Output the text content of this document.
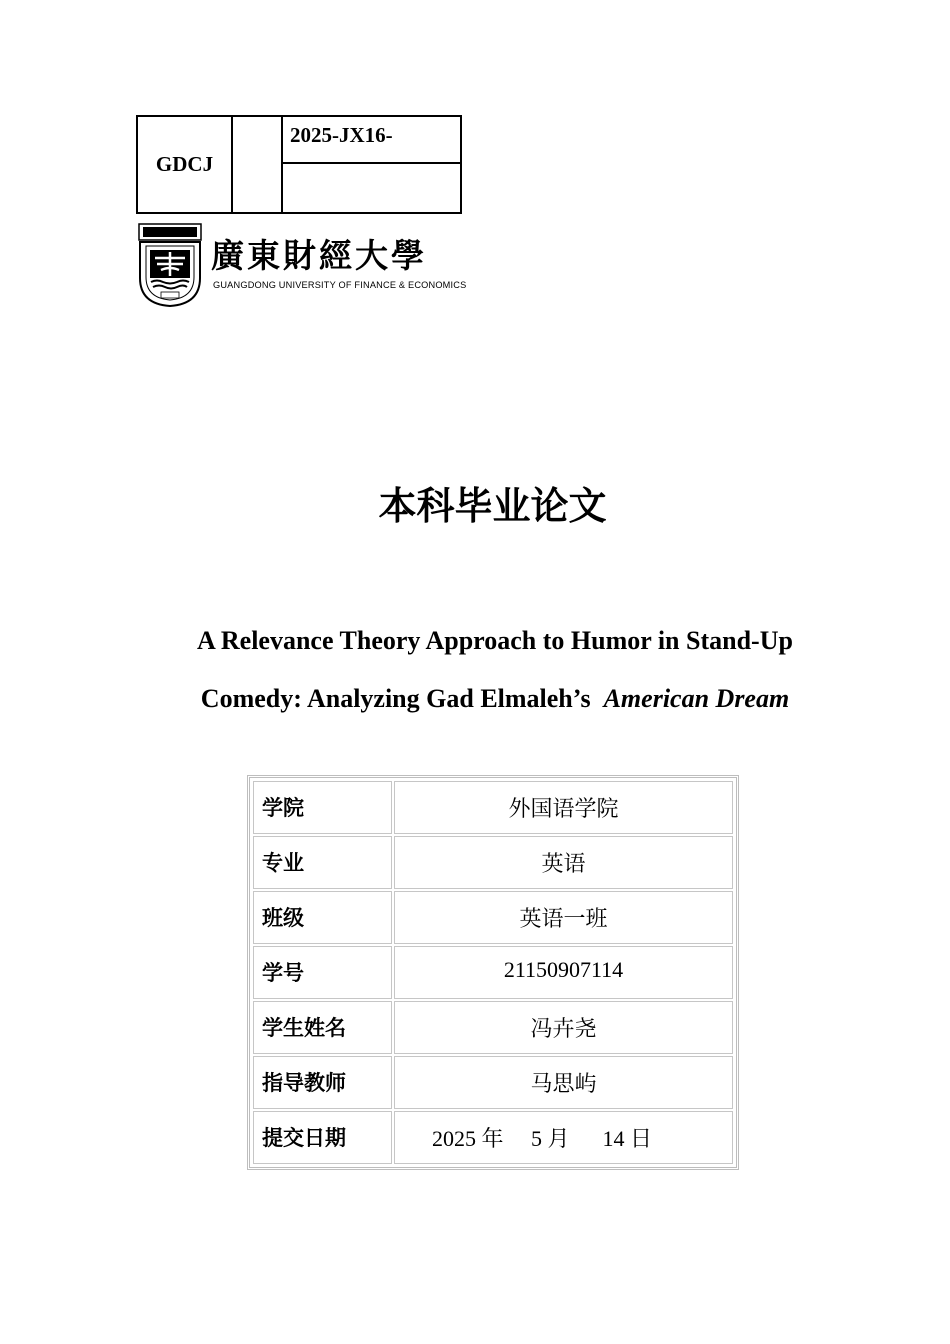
GDCJ
2025-JX16-
廣東財經大學
GUANGDONG UNIVERSITY OF FINANCE & ECONOMICS
本科毕业论文
A Relevance Theory Approach to Humor in Stand-Up
Comedy: Analyzing Gad Elmaleh’s American Dream
学院	外国语学院
专业	英语
班级	英语一班
学号	21150907114
学生姓名	冯卉尧
指导教师	马思屿
提交日期	2025 年     5 月      14 日
